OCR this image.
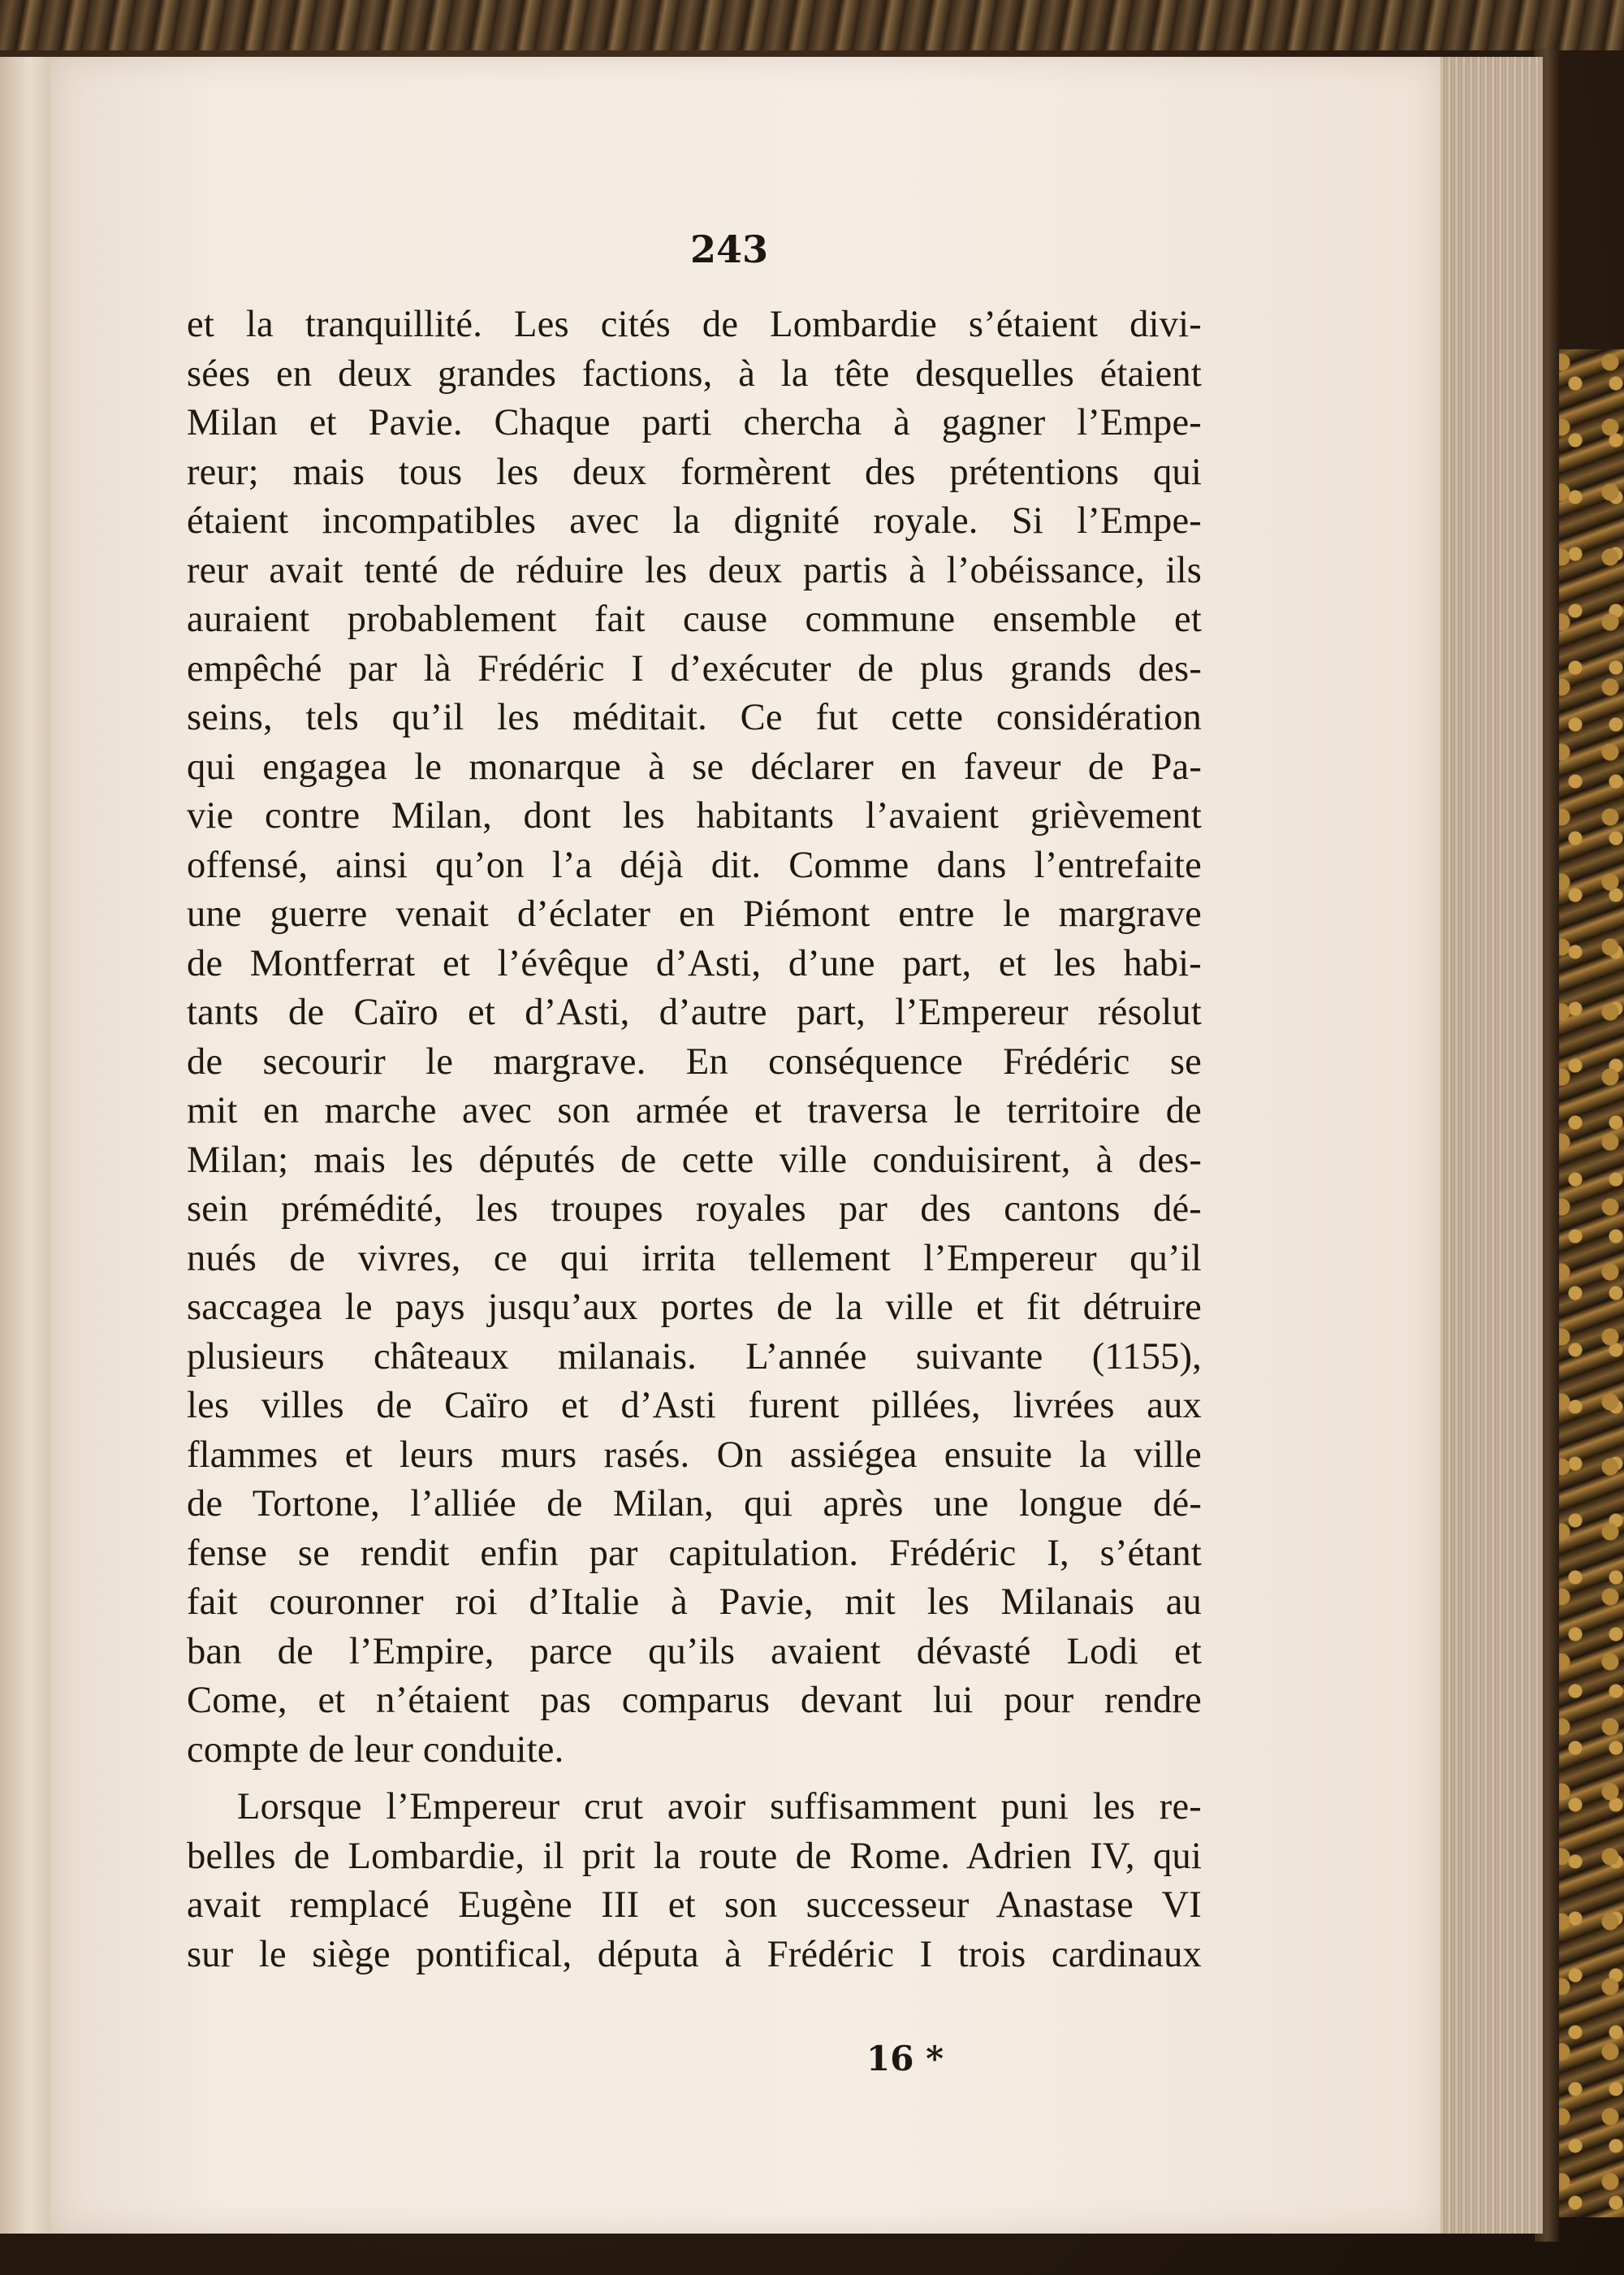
243
et la tranquillité. Les cités de Lombardie s’étaient divi-
sées en deux grandes factions, à la tête desquelles étaient
Milan et Pavie. Chaque parti chercha à gagner l’Empe-
reur; mais tous les deux formèrent des prétentions qui
étaient incompatibles avec la dignité royale. Si l’Empe-
reur avait tenté de réduire les deux partis à l’obéissance, ils
auraient probablement fait cause commune ensemble et
empêché par là Frédéric I d’exécuter de plus grands des-
seins, tels qu’il les méditait. Ce fut cette considération
qui engagea le monarque à se déclarer en faveur de Pa-
vie contre Milan, dont les habitants l’avaient grièvement
offensé, ainsi qu’on l’a déjà dit. Comme dans l’entrefaite
une guerre venait d’éclater en Piémont entre le margrave
de Montferrat et l’évêque d’Asti, d’une part, et les habi-
tants de Caïro et d’Asti, d’autre part, l’Empereur résolut
de secourir le margrave. En conséquence Frédéric se
mit en marche avec son armée et traversa le territoire de
Milan; mais les députés de cette ville conduisirent, à des-
sein prémédité, les troupes royales par des cantons dé-
nués de vivres, ce qui irrita tellement l’Empereur qu’il
saccagea le pays jusqu’aux portes de la ville et fit détruire
plusieurs châteaux milanais. L’année suivante (1155),
les villes de Caïro et d’Asti furent pillées, livrées aux
flammes et leurs murs rasés. On assiégea ensuite la ville
de Tortone, l’alliée de Milan, qui après une longue dé-
fense se rendit enfin par capitulation. Frédéric I, s’étant
fait couronner roi d’Italie à Pavie, mit les Milanais au
ban de l’Empire, parce qu’ils avaient dévasté Lodi et
Come, et n’étaient pas comparus devant lui pour rendre
compte de leur conduite.
Lorsque l’Empereur crut avoir suffisamment puni les re-
belles de Lombardie, il prit la route de Rome. Adrien IV, qui
avait remplacé Eugène III et son successeur Anastase VI
sur le siège pontifical, députa à Frédéric I trois cardinaux
16 *
